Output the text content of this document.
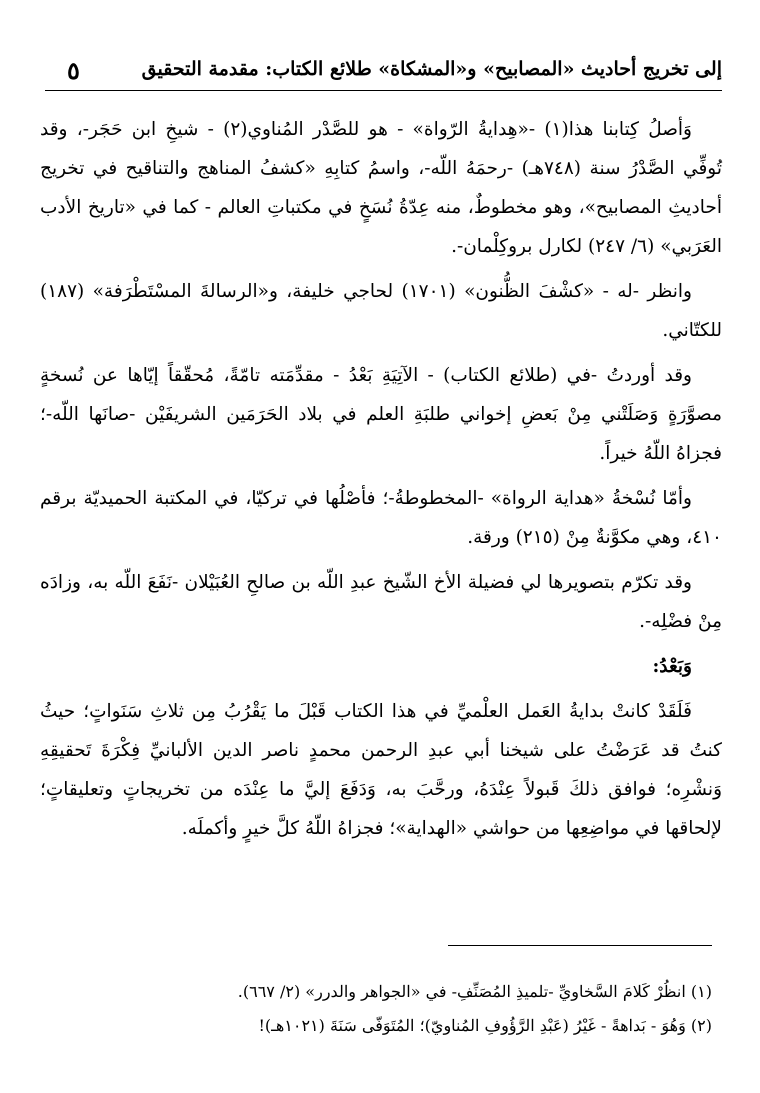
إلى تخريج أحاديث «المصابيح» و«المشكاة» طلائع الكتاب: مقدمة التحقيق
٥

وَأصلُ كِتابنا هذا(١) -«هِدايةُ الرّواة» - هو للصَّدْر المُناوي(٢) - شيخِ ابن حَجَر-، وقد تُوفِّي الصَّدْرُ سنة (٧٤٨هـ) -رحمَهُ اللّه-، واسمُ كتابِهِ «كشفُ المناهج والتناقيح في تخريج أحاديثِ المصابيح»، وهو مخطوطٌ، منه عِدّةُ نُسَخٍ في مكتباتِ العالم - كما في «تاريخ الأدب العَرَبي» (٦/ ٢٤٧) لكارل بروكِلْمان-.

وانظر -له - «كشْفَ الظُّنون» (١٧٠١) لحاجي خليفة، و«الرسالةَ المسْتَطْرَفة» (١٨٧) للكتّاني.

وقد أوردتُ -في (طلائع الكتاب) - الآتِيَةِ بَعْدُ - مقدِّمَته تامّةً، مُحقّقاً إيّاها عن نُسخةٍ مصوَّرَةٍ وَصَلَتْني مِنْ بَعضِ إخواني طلبَةِ العلم في بلاد الحَرَمَين الشريفَيْن -صانَها اللّه-؛ فجزاهُ اللّهُ خيراً.

وأمّا نُسْخةُ «هداية الرواة» -المخطوطةُ-؛ فأصْلُها في تركيّا، في المكتبة الحميديّة برقم ٤١٠، وهي مكوَّنةٌ مِنْ (٢١٥) ورقة.

وقد تكرّم بتصويرها لي فضيلة الأخ الشّيخ عبدِ اللّه بن صالحِ العُبَيْلان -نَفَعَ اللّه به، وزادَه مِنْ فضْلِه-.

وَبَعْدُ:

فَلَقَدْ كانتْ بدايةُ العَمل العلْميِّ في هذا الكتاب قَبْلَ ما يَقْرُبُ مِن ثلاثِ سَنَواتٍ؛ حيثُ كنتُ قد عَرَضْتُ على شيخنا أبي عبدِ الرحمن محمدٍ ناصر الدين الألبانيِّ فِكْرَةَ تَحقيقِهِ وَنشْرِه؛ فوافق ذلكَ قَبولاً عِنْدَهُ، ورحَّبَ به، وَدَفَعَ إليَّ ما عِنْدَه من تخريجاتٍ وتعليقاتٍ؛ لإلحاقها في مواضِعِها من حواشي «الهداية»؛ فجزاهُ اللّهُ كلَّ خيرٍ وأكملَه.

(١) انظُرْ كَلامَ السَّخاويِّ -تلميذِ المُصَنِّفِ- في «الجواهر والدرر» (٢/ ٦٦٧).

(٢) وَهُوَ - بَداهةً - غَيْرُ (عَبْدِ الرَّؤُوفِ المُناويّ)؛ المُتَوَفّى سَنَةَ (١٠٢١هـ)!
